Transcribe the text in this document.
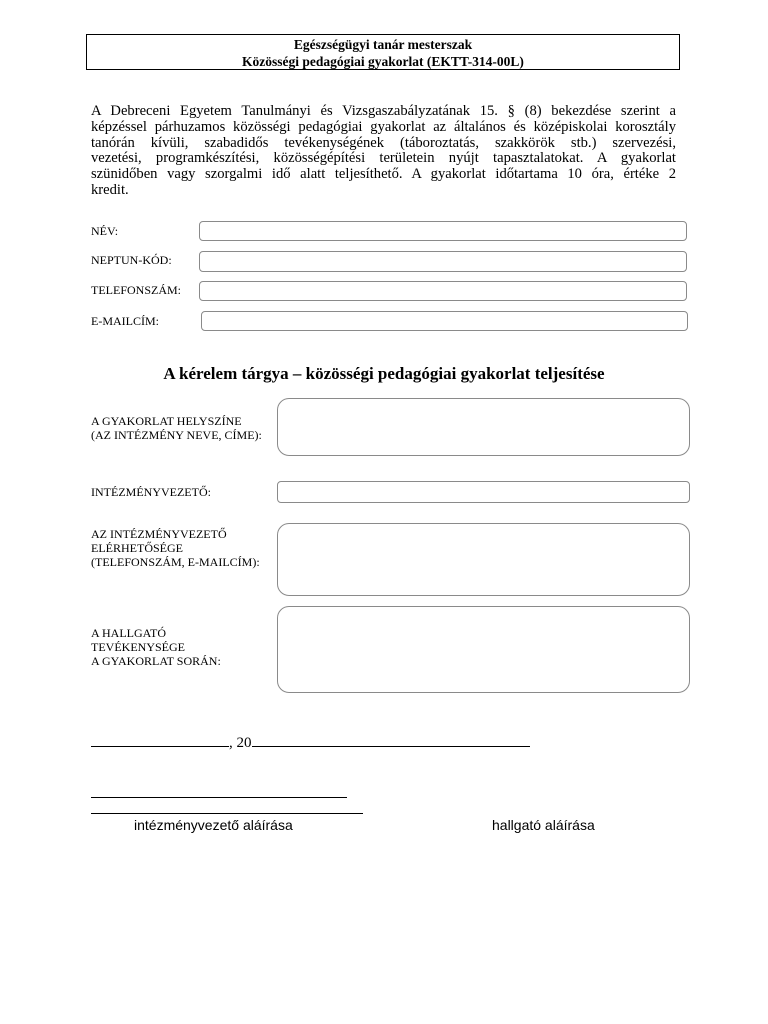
Egészségügyi tanár mesterszak
Közösségi pedagógiai gyakorlat (EKTT-314-00L)
A Debreceni Egyetem Tanulmányi és Vizsgaszabályzatának 15. § (8) bekezdése szerint a
képzéssel párhuzamos közösségi pedagógiai gyakorlat az általános és középiskolai korosztály
tanórán kívüli, szabadidős tevékenységének (táboroztatás, szakkörök stb.) szervezési,
vezetési, programkészítési, közösségépítési területein nyújt tapasztalatokat. A gyakorlat
szünidőben vagy szorgalmi idő alatt teljesíthető. A gyakorlat időtartama 10 óra, értéke 2
kredit.
NÉV:
NEPTUN-KÓD:
TELEFONSZÁM:
E-MAILCÍM:
A kérelem tárgya – közösségi pedagógiai gyakorlat teljesítése
A GYAKORLAT HELYSZÍNE
(AZ INTÉZMÉNY NEVE, CÍME):
INTÉZMÉNYVEZETŐ:
AZ INTÉZMÉNYVEZETŐ
ELÉRHETŐSÉGE
(TELEFONSZÁM, E-MAILCÍM):
A HALLGATÓ
TEVÉKENYSÉGE
A GYAKORLAT SORÁN:
, 20
intézményvezető aláírása	hallgató aláírása
